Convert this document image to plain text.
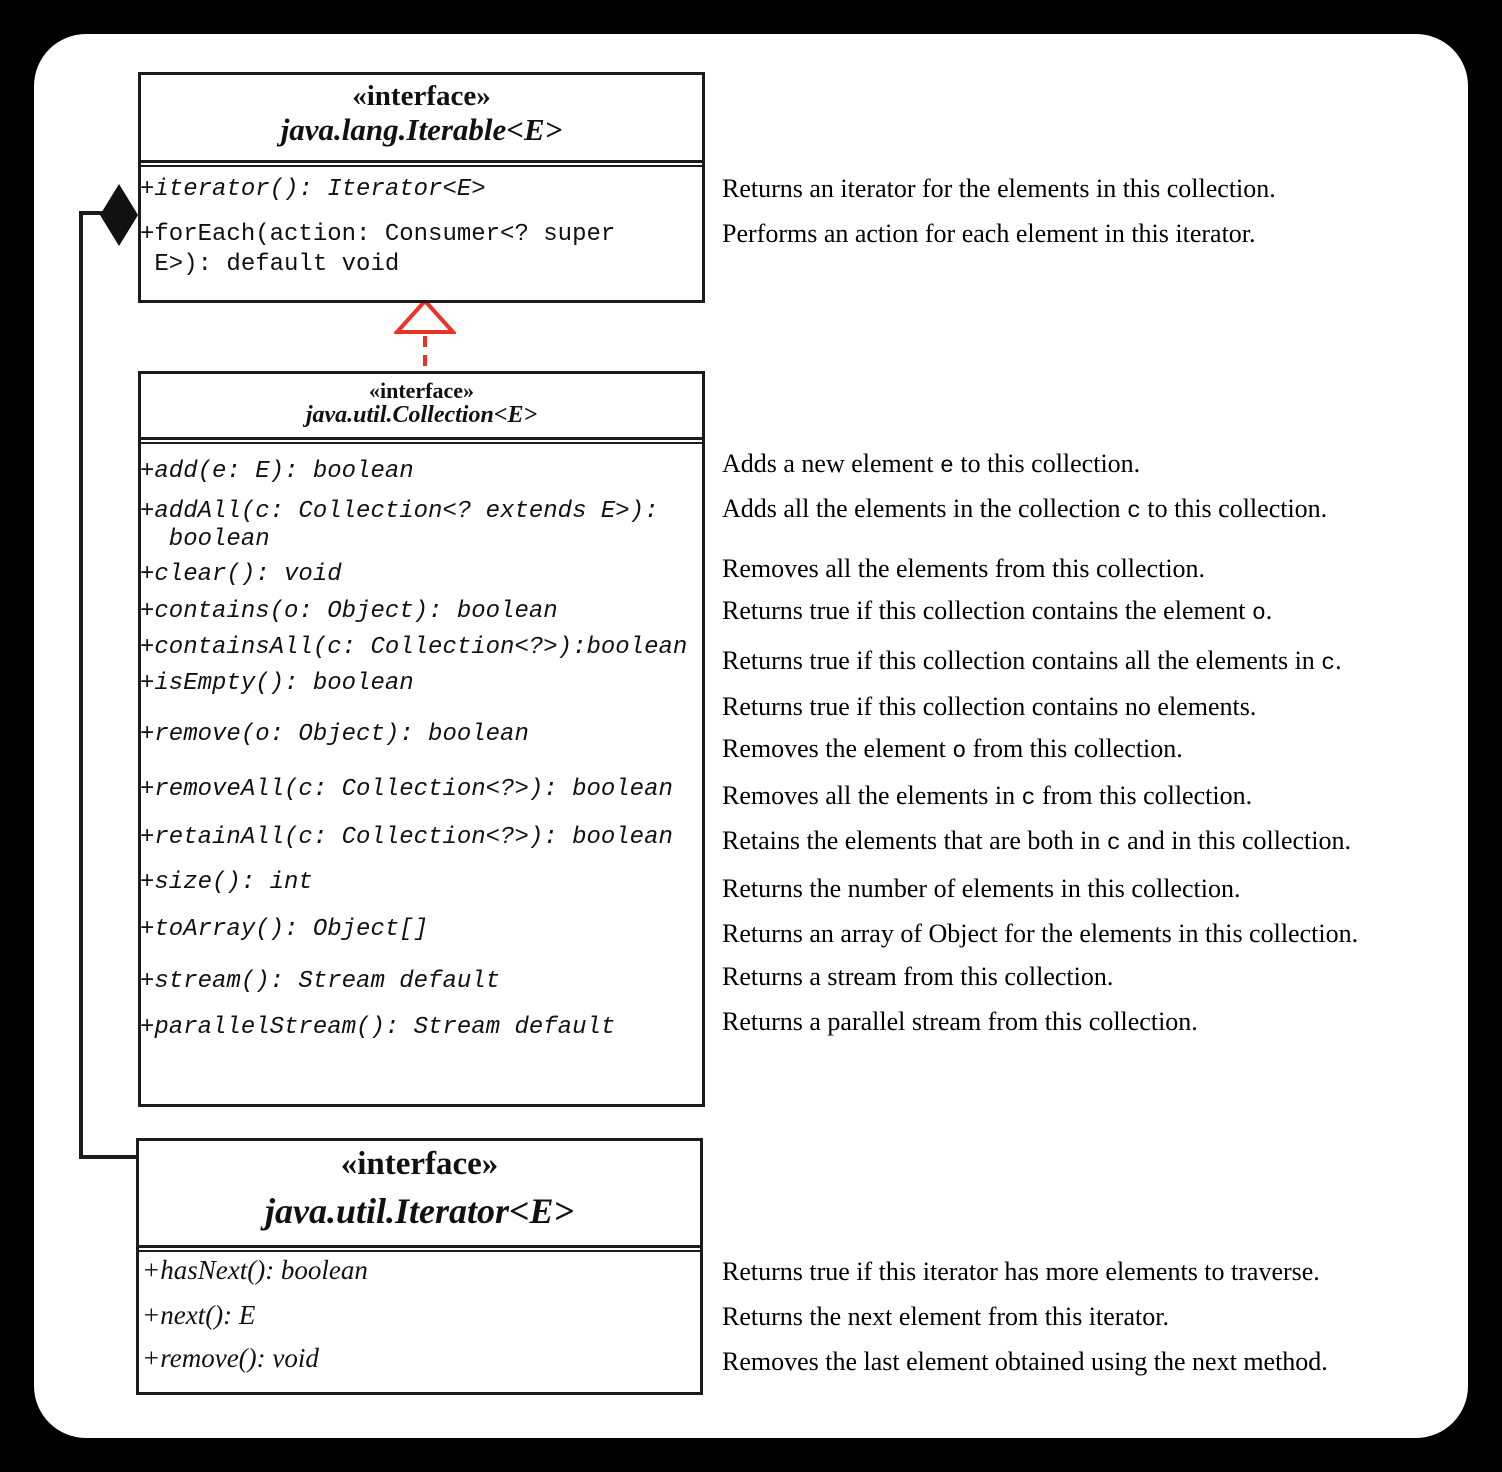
«interface»
java.lang.Iterable<E>
+iterator(): Iterator<E>
+forEach(action: Consumer<? super
E>): default void
Returns an iterator for the elements in this collection.
Performs an action for each element in this iterator.
«interface»
java.util.Collection<E>
+add(e: E): boolean
+addAll(c: Collection<? extends E>):
boolean
+clear(): void
+contains(o: Object): boolean
+containsAll(c: Collection<?>):boolean
+isEmpty(): boolean
+remove(o: Object): boolean
+removeAll(c: Collection<?>): boolean
+retainAll(c: Collection<?>): boolean
+size(): int
+toArray(): Object[]
+stream(): Stream default
+parallelStream(): Stream default
Adds a new element e to this collection.
Adds all the elements in the collection c to this collection.
Removes all the elements from this collection.
Returns true if this collection contains the element o.
Returns true if this collection contains all the elements in c.
Returns true if this collection contains no elements.
Removes the element o from this collection.
Removes all the elements in c from this collection.
Retains the elements that are both in c and in this collection.
Returns the number of elements in this collection.
Returns an array of Object for the elements in this collection.
Returns a stream from this collection.
Returns a parallel stream from this collection.
«interface»
java.util.Iterator<E>
+hasNext(): boolean
+next(): E
+remove(): void
Returns true if this iterator has more elements to traverse.
Returns the next element from this iterator.
Removes the last element obtained using the next method.
